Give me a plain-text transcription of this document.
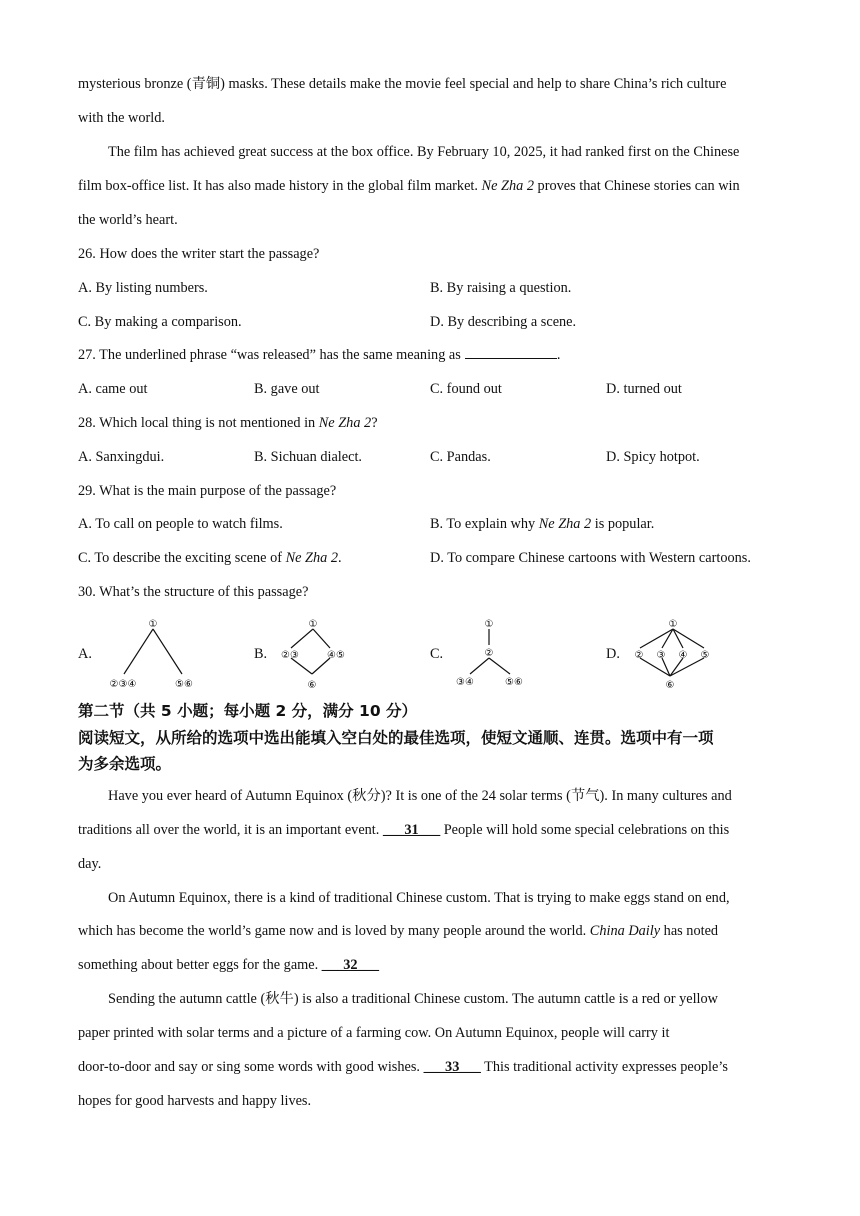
mysterious bronze (青铜) masks. These details make the movie feel special and help to share China’s rich culture
with the world.
The film has achieved great success at the box office. By February 10, 2025, it had ranked first on the Chinese
film box-office list. It has also made history in the global film market. Ne Zha 2 proves that Chinese stories can win
the world’s heart.
26. How does the writer start the passage?
A. By listing numbers.	B. By raising a question.
C. By making a comparison.	D. By describing a scene.
27. The underlined phrase “was released” has the same meaning as	.
A. came out	B. gave out	C. found out	D. turned out
28. Which local thing is not mentioned in Ne Zha 2?
A. Sanxingdui.	B. Sichuan dialect.	C. Pandas.	D. Spicy hotpot.
29. What is the main purpose of the passage?
A. To call on people to watch films.	B. To explain why Ne Zha 2 is popular.
C. To describe the exciting scene of Ne Zha 2.	D. To compare Chinese cartoons with Western cartoons.
30. What’s the structure of this passage?
A.
①
②③④	⑤⑥
B.
①
②③	④⑤
⑥
C.
①
②
③④	⑤⑥
D.
①
② ③ ④ ⑤
⑥
第二节（共 5 小题；每小题 2 分，满分 10 分）
阅读短文，从所给的选项中选出能填入空白处的最佳选项，使短文通顺、连贯。选项中有一项
为多余选项。
Have you ever heard of Autumn Equinox (秋分)? It is one of the 24 solar terms (节气). In many cultures and
traditions all over the world, it is an important event. ___31___ People will hold some special celebrations on this
day.
On Autumn Equinox, there is a kind of traditional Chinese custom. That is trying to make eggs stand on end,
which has become the world’s game now and is loved by many people around the world. China Daily has noted
something about better eggs for the game. ___32___
Sending the autumn cattle (秋牛) is also a traditional Chinese custom. The autumn cattle is a red or yellow
paper printed with solar terms and a picture of a farming cow. On Autumn Equinox, people will carry it
door-to-door and say or sing some words with good wishes. ___33___ This traditional activity expresses people’s
hopes for good harvests and happy lives.
